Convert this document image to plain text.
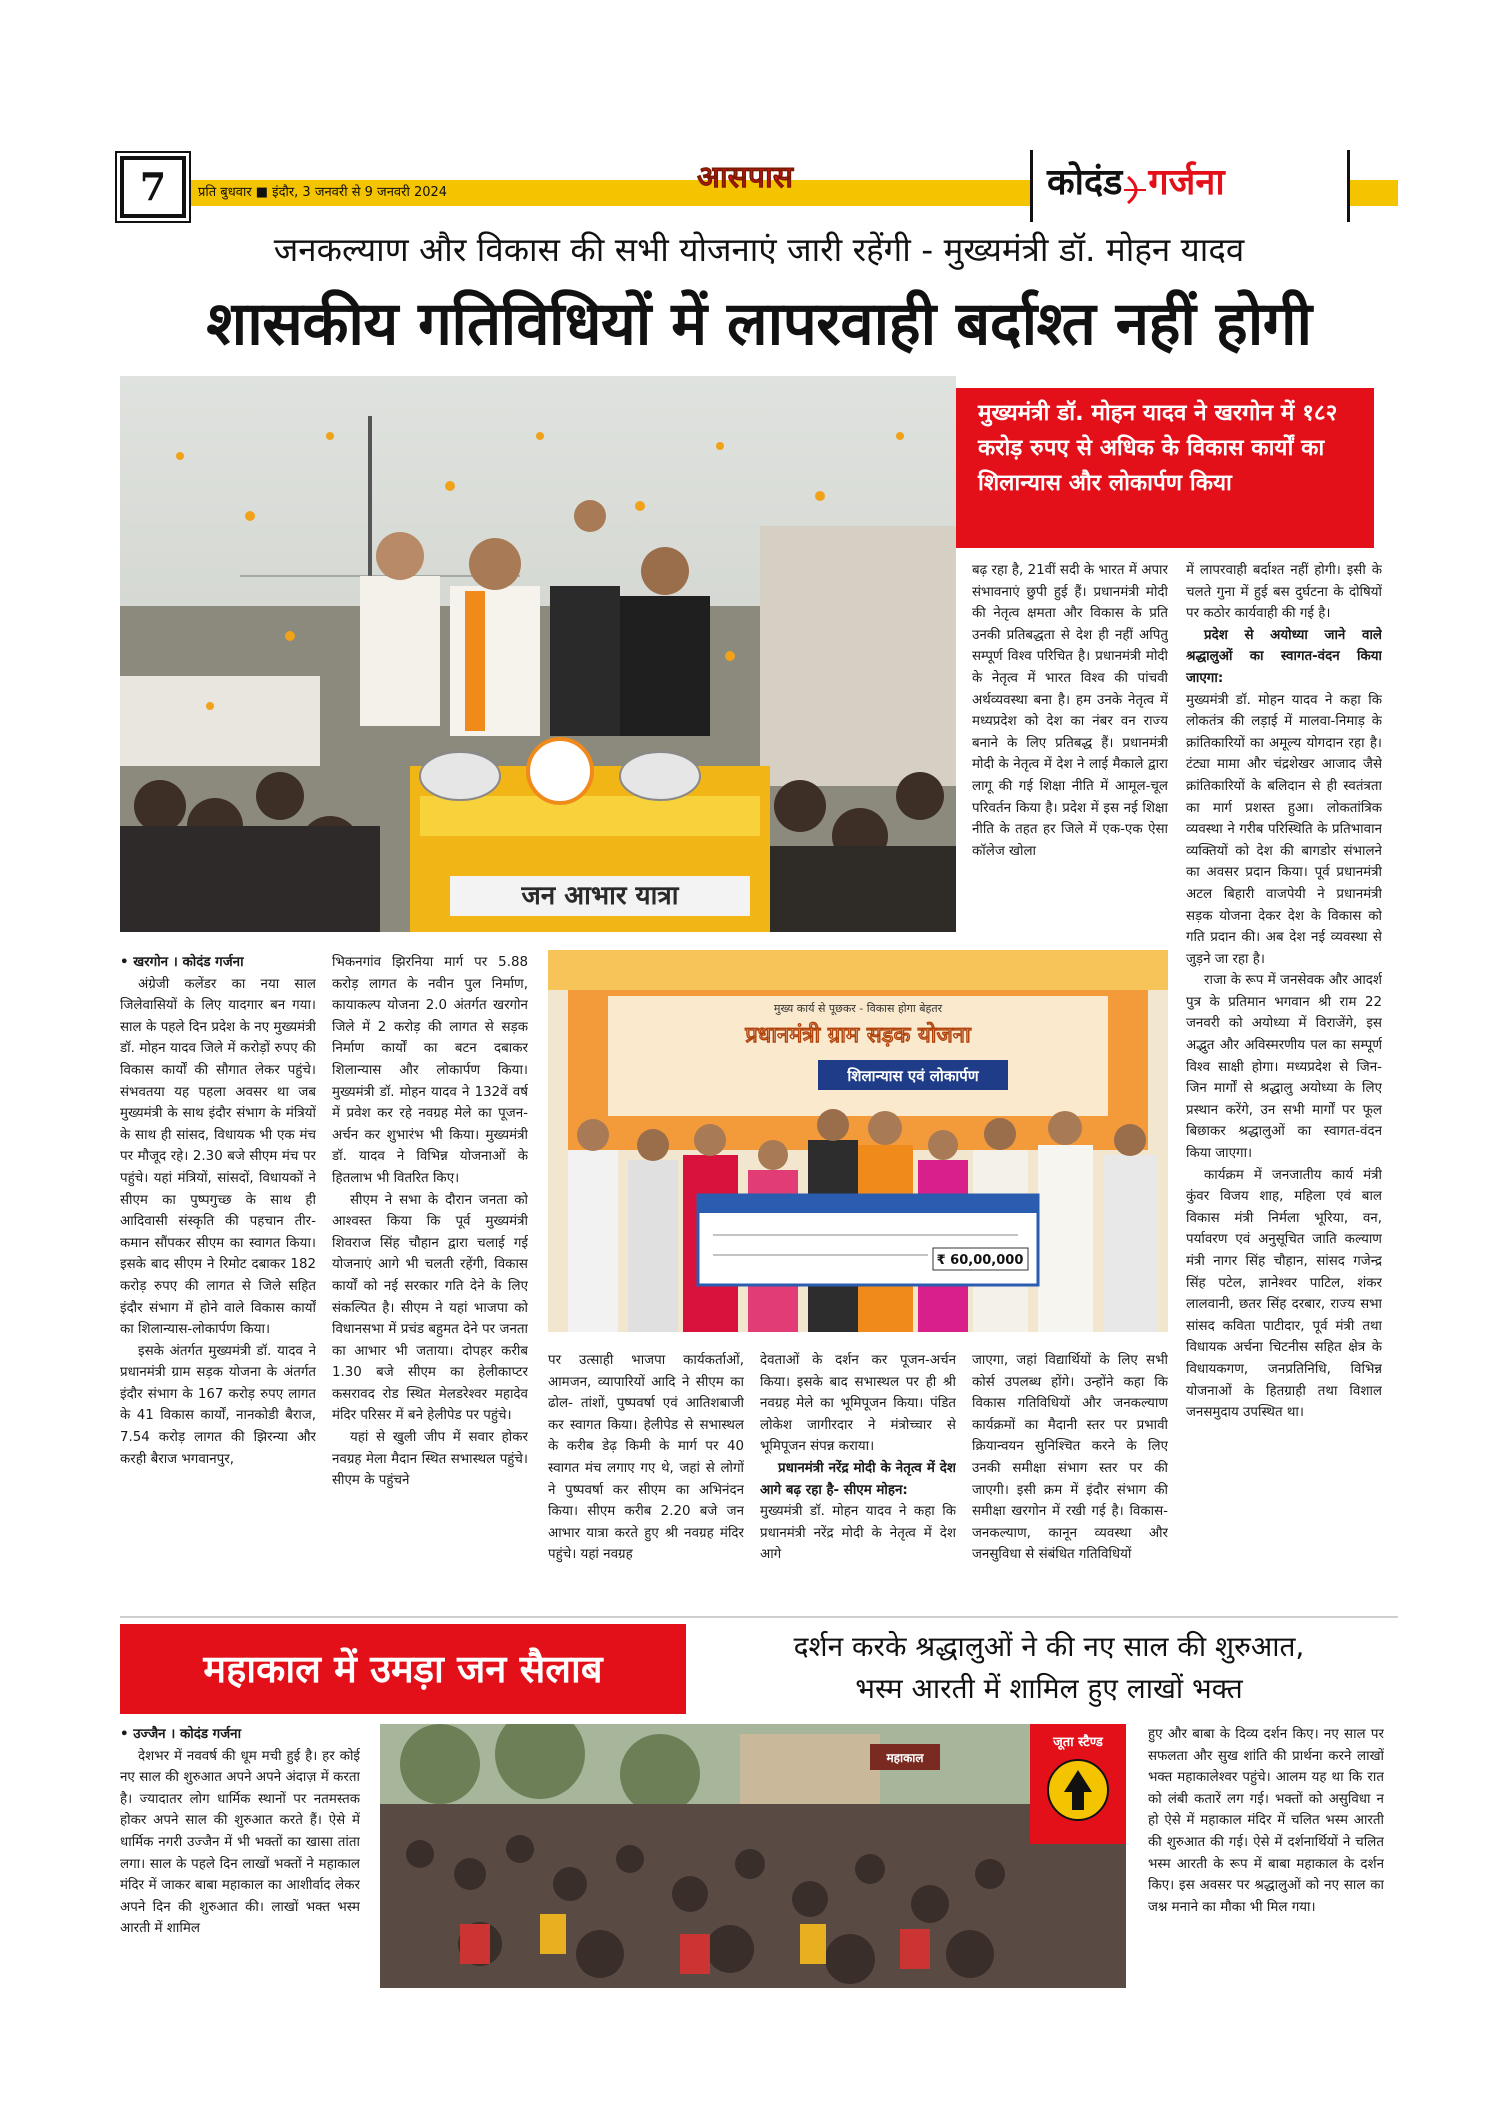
7	प्रति बुधवार ■ इंदौर, 3 जनवरी से 9 जनवरी 2024	आसपास	कोदंड गर्जना
जनकल्याण और विकास की सभी योजनाएं जारी रहेंगी - मुख्यमंत्री डॉ. मोहन यादव
शासकीय गतिविधियों में लापरवाही बर्दाश्त नहीं होगी
जन आभार यात्रा
मुख्यमंत्री डॉ. मोहन यादव ने खरगोन में १८२ करोड़ रुपए से अधिक के विकास कार्यों का शिलान्यास और लोकार्पण किया

• खरगोन । कोदंड गर्जना

अंग्रेजी कलेंडर का नया साल जिलेवासियों के लिए यादगार बन गया। साल के पहले दिन प्रदेश के नए मुख्यमंत्री डॉ. मोहन यादव जिले में करोड़ों रुपए की विकास कार्यों की सौगात लेकर पहुंचे। संभवतया यह पहला अवसर था जब मुख्यमंत्री के साथ इंदौर संभाग के मंत्रियों के साथ ही सांसद, विधायक भी एक मंच पर मौजूद रहे। 2.30 बजे सीएम मंच पर पहुंचे। यहां मंत्रियों, सांसदों, विधायकों ने सीएम का पुष्पगुच्छ के साथ ही आदिवासी संस्कृति की पहचान तीर- कमान सौंपकर सीएम का स्वागत किया। इसके बाद सीएम ने रिमोट दबाकर 182 करोड़ रुपए की लागत से जिले सहित इंदौर संभाग में होने वाले विकास कार्यों का शिलान्यास-लोकार्पण किया।

इसके अंतर्गत मुख्यमंत्री डॉ. यादव ने प्रधानमंत्री ग्राम सड़क योजना के अंतर्गत इंदौर संभाग के 167 करोड़ रुपए लागत के 41 विकास कार्यों, नानकोडी बैराज, 7.54 करोड़ लागत की झिरन्या और करही बैराज भगवानपुर,

भिकनगांव झिरनिया मार्ग पर 5.88 करोड़ लागत के नवीन पुल निर्माण, कायाकल्प योजना 2.0 अंतर्गत खरगोन जिले में 2 करोड़ की लागत से सड़क निर्माण कार्यों का बटन दबाकर शिलान्यास और लोकार्पण किया। मुख्यमंत्री डॉ. मोहन यादव ने 132वें वर्ष में प्रवेश कर रहे नवग्रह मेले का पूजन-अर्चन कर शुभारंभ भी किया। मुख्यमंत्री डॉ. यादव ने विभिन्न योजनाओं के हितलाभ भी वितरित किए।

सीएम ने सभा के दौरान जनता को आश्वस्त किया कि पूर्व मुख्यमंत्री शिवराज सिंह चौहान द्वारा चलाई गई योजनाएं आगे भी चलती रहेंगी, विकास कार्यों को नई सरकार गति देने के लिए संकल्पित है। सीएम ने यहां भाजपा को विधानसभा में प्रचंड बहुमत देने पर जनता का आभार भी जताया। दोपहर करीब 1.30 बजे सीएम का हेलीकाप्टर कसरावद रोड स्थित मेलडरेश्वर महादेव मंदिर परिसर में बने हेलीपेड पर पहुंचे।

यहां से खुली जीप में सवार होकर नवग्रह मेला मैदान स्थित सभास्थल पहुंचे। सीएम के पहुंचने

मुख्य कार्य से पूछकर - विकास होगा बेहतर
प्रधानमंत्री ग्राम सड़क योजना
शिलान्यास एवं लोकार्पण
₹ 60,00,000

पर उत्साही भाजपा कार्यकर्ताओं, आमजन, व्यापारियों आदि ने सीएम का ढोल- तांशों, पुष्पवर्षा एवं आतिशबाजी कर स्वागत किया। हेलीपेड से सभास्थल के करीब डेढ़ किमी के मार्ग पर 40 स्वागत मंच लगाए गए थे, जहां से लोगों ने पुष्पवर्षा कर सीएम का अभिनंदन किया। सीएम करीब 2.20 बजे जन आभार यात्रा करते हुए श्री नवग्रह मंदिर पहुंचे। यहां नवग्रह

देवताओं के दर्शन कर पूजन-अर्चन किया। इसके बाद सभास्थल पर ही श्री नवग्रह मेले का भूमिपूजन किया। पंडित लोकेश जागीरदार ने मंत्रोच्चार से भूमिपूजन संपन्न कराया।

प्रधानमंत्री नरेंद्र मोदी के नेतृत्व में देश आगे बढ़ रहा है- सीएम मोहन:

मुख्यमंत्री डॉ. मोहन यादव ने कहा कि प्रधानमंत्री नरेंद्र मोदी के नेतृत्व में देश आगे

बढ़ रहा है, 21वीं सदी के भारत में अपार संभावनाएं छुपी हुई हैं। प्रधानमंत्री मोदी की नेतृत्व क्षमता और विकास के प्रति उनकी प्रतिबद्धता से देश ही नहीं अपितु सम्पूर्ण विश्व परिचित है। प्रधानमंत्री मोदी के नेतृत्व में भारत विश्व की पांचवी अर्थव्यवस्था बना है। हम उनके नेतृत्व में मध्यप्रदेश को देश का नंबर वन राज्य बनाने के लिए प्रतिबद्ध हैं। प्रधानमंत्री मोदी के नेतृत्व में देश ने लाई मैकाले द्वारा लागू की गई शिक्षा नीति में आमूल-चूल परिवर्तन किया है। प्रदेश में इस नई शिक्षा नीति के तहत हर जिले में एक-एक ऐसा कॉलेज खोला

जाएगा, जहां विद्यार्थियों के लिए सभी कोर्स उपलब्ध होंगे। उन्होंने कहा कि विकास गतिविधियों और जनकल्याण कार्यक्रमों का मैदानी स्तर पर प्रभावी क्रियान्वयन सुनिश्चित करने के लिए उनकी समीक्षा संभाग स्तर पर की जाएगी। इसी क्रम में इंदौर संभाग की समीक्षा खरगोन में रखी गई है। विकास-जनकल्याण, कानून व्यवस्था और जनसुविधा से संबंधित गतिविधियों

में लापरवाही बर्दाश्त नहीं होगी। इसी के चलते गुना में हुई बस दुर्घटना के दोषियों पर कठोर कार्यवाही की गई है।

प्रदेश से अयोध्या जाने वाले श्रद्धालुओं का स्वागत-वंदन किया जाएगा:

मुख्यमंत्री डॉ. मोहन यादव ने कहा कि लोकतंत्र की लड़ाई में मालवा-निमाड़ के क्रांतिकारियों का अमूल्य योगदान रहा है। टंट्या मामा और चंद्रशेखर आजाद जैसे क्रांतिकारियों के बलिदान से ही स्वतंत्रता का मार्ग प्रशस्त हुआ। लोकतांत्रिक व्यवस्था ने गरीब परिस्थिति के प्रतिभावान व्यक्तियों को देश की बागडोर संभालने का अवसर प्रदान किया। पूर्व प्रधानमंत्री अटल बिहारी वाजपेयी ने प्रधानमंत्री सड़क योजना देकर देश के विकास को गति प्रदान की। अब देश नई व्यवस्था से जुड़ने जा रहा है।

राजा के रूप में जनसेवक और आदर्श पुत्र के प्रतिमान भगवान श्री राम 22 जनवरी को अयोध्या में विराजेंगे, इस अद्भुत और अविस्मरणीय पल का सम्पूर्ण विश्व साक्षी होगा। मध्यप्रदेश से जिन-जिन मार्गों से श्रद्धालु अयोध्या के लिए प्रस्थान करेंगे, उन सभी मार्गों पर फूल बिछाकर श्रद्धालुओं का स्वागत-वंदन किया जाएगा।

कार्यक्रम में जनजातीय कार्य मंत्री कुंवर विजय शाह, महिला एवं बाल विकास मंत्री निर्मला भूरिया, वन, पर्यावरण एवं अनुसूचित जाति कल्याण मंत्री नागर सिंह चौहान, सांसद गजेन्द्र सिंह पटेल, ज्ञानेश्वर पाटिल, शंकर लालवानी, छतर सिंह दरबार, राज्य सभा सांसद कविता पाटीदार, पूर्व मंत्री तथा विधायक अर्चना चिटनीस सहित क्षेत्र के विधायकगण, जनप्रतिनिधि, विभिन्न योजनाओं के हितग्राही तथा विशाल जनसमुदाय उपस्थित था।

महाकाल में उमड़ा जन सैलाब
दर्शन करके श्रद्धालुओं ने की नए साल की शुरुआत,
भस्म आरती में शामिल हुए लाखों भक्त

• उज्जैन । कोदंड गर्जना

देशभर में नववर्ष की धूम मची हुई है। हर कोई नए साल की शुरुआत अपने अपने अंदाज़ में करता है। ज्यादातर लोग धार्मिक स्थानों पर नतमस्तक होकर अपने साल की शुरुआत करते हैं। ऐसे में धार्मिक नगरी उज्जैन में भी भक्तों का खासा तांता लगा। साल के पहले दिन लाखों भक्तों ने महाकाल मंदिर में जाकर बाबा महाकाल का आशीर्वाद लेकर अपने दिन की शुरुआत की। लाखों भक्त भस्म आरती में शामिल

महाकाल
जूता स्टैण्ड

हुए और बाबा के दिव्य दर्शन किए। नए साल पर सफलता और सुख शांति की प्रार्थना करने लाखों भक्त महाकालेश्वर पहुंचे। आलम यह था कि रात को लंबी कतारें लग गई। भक्तों को असुविधा न हो ऐसे में महाकाल मंदिर में चलित भस्म आरती की शुरुआत की गई। ऐसे में दर्शनार्थियों ने चलित भस्म आरती के रूप में बाबा महाकाल के दर्शन किए। इस अवसर पर श्रद्धालुओं को नए साल का जश्न मनाने का मौका भी मिल गया।
